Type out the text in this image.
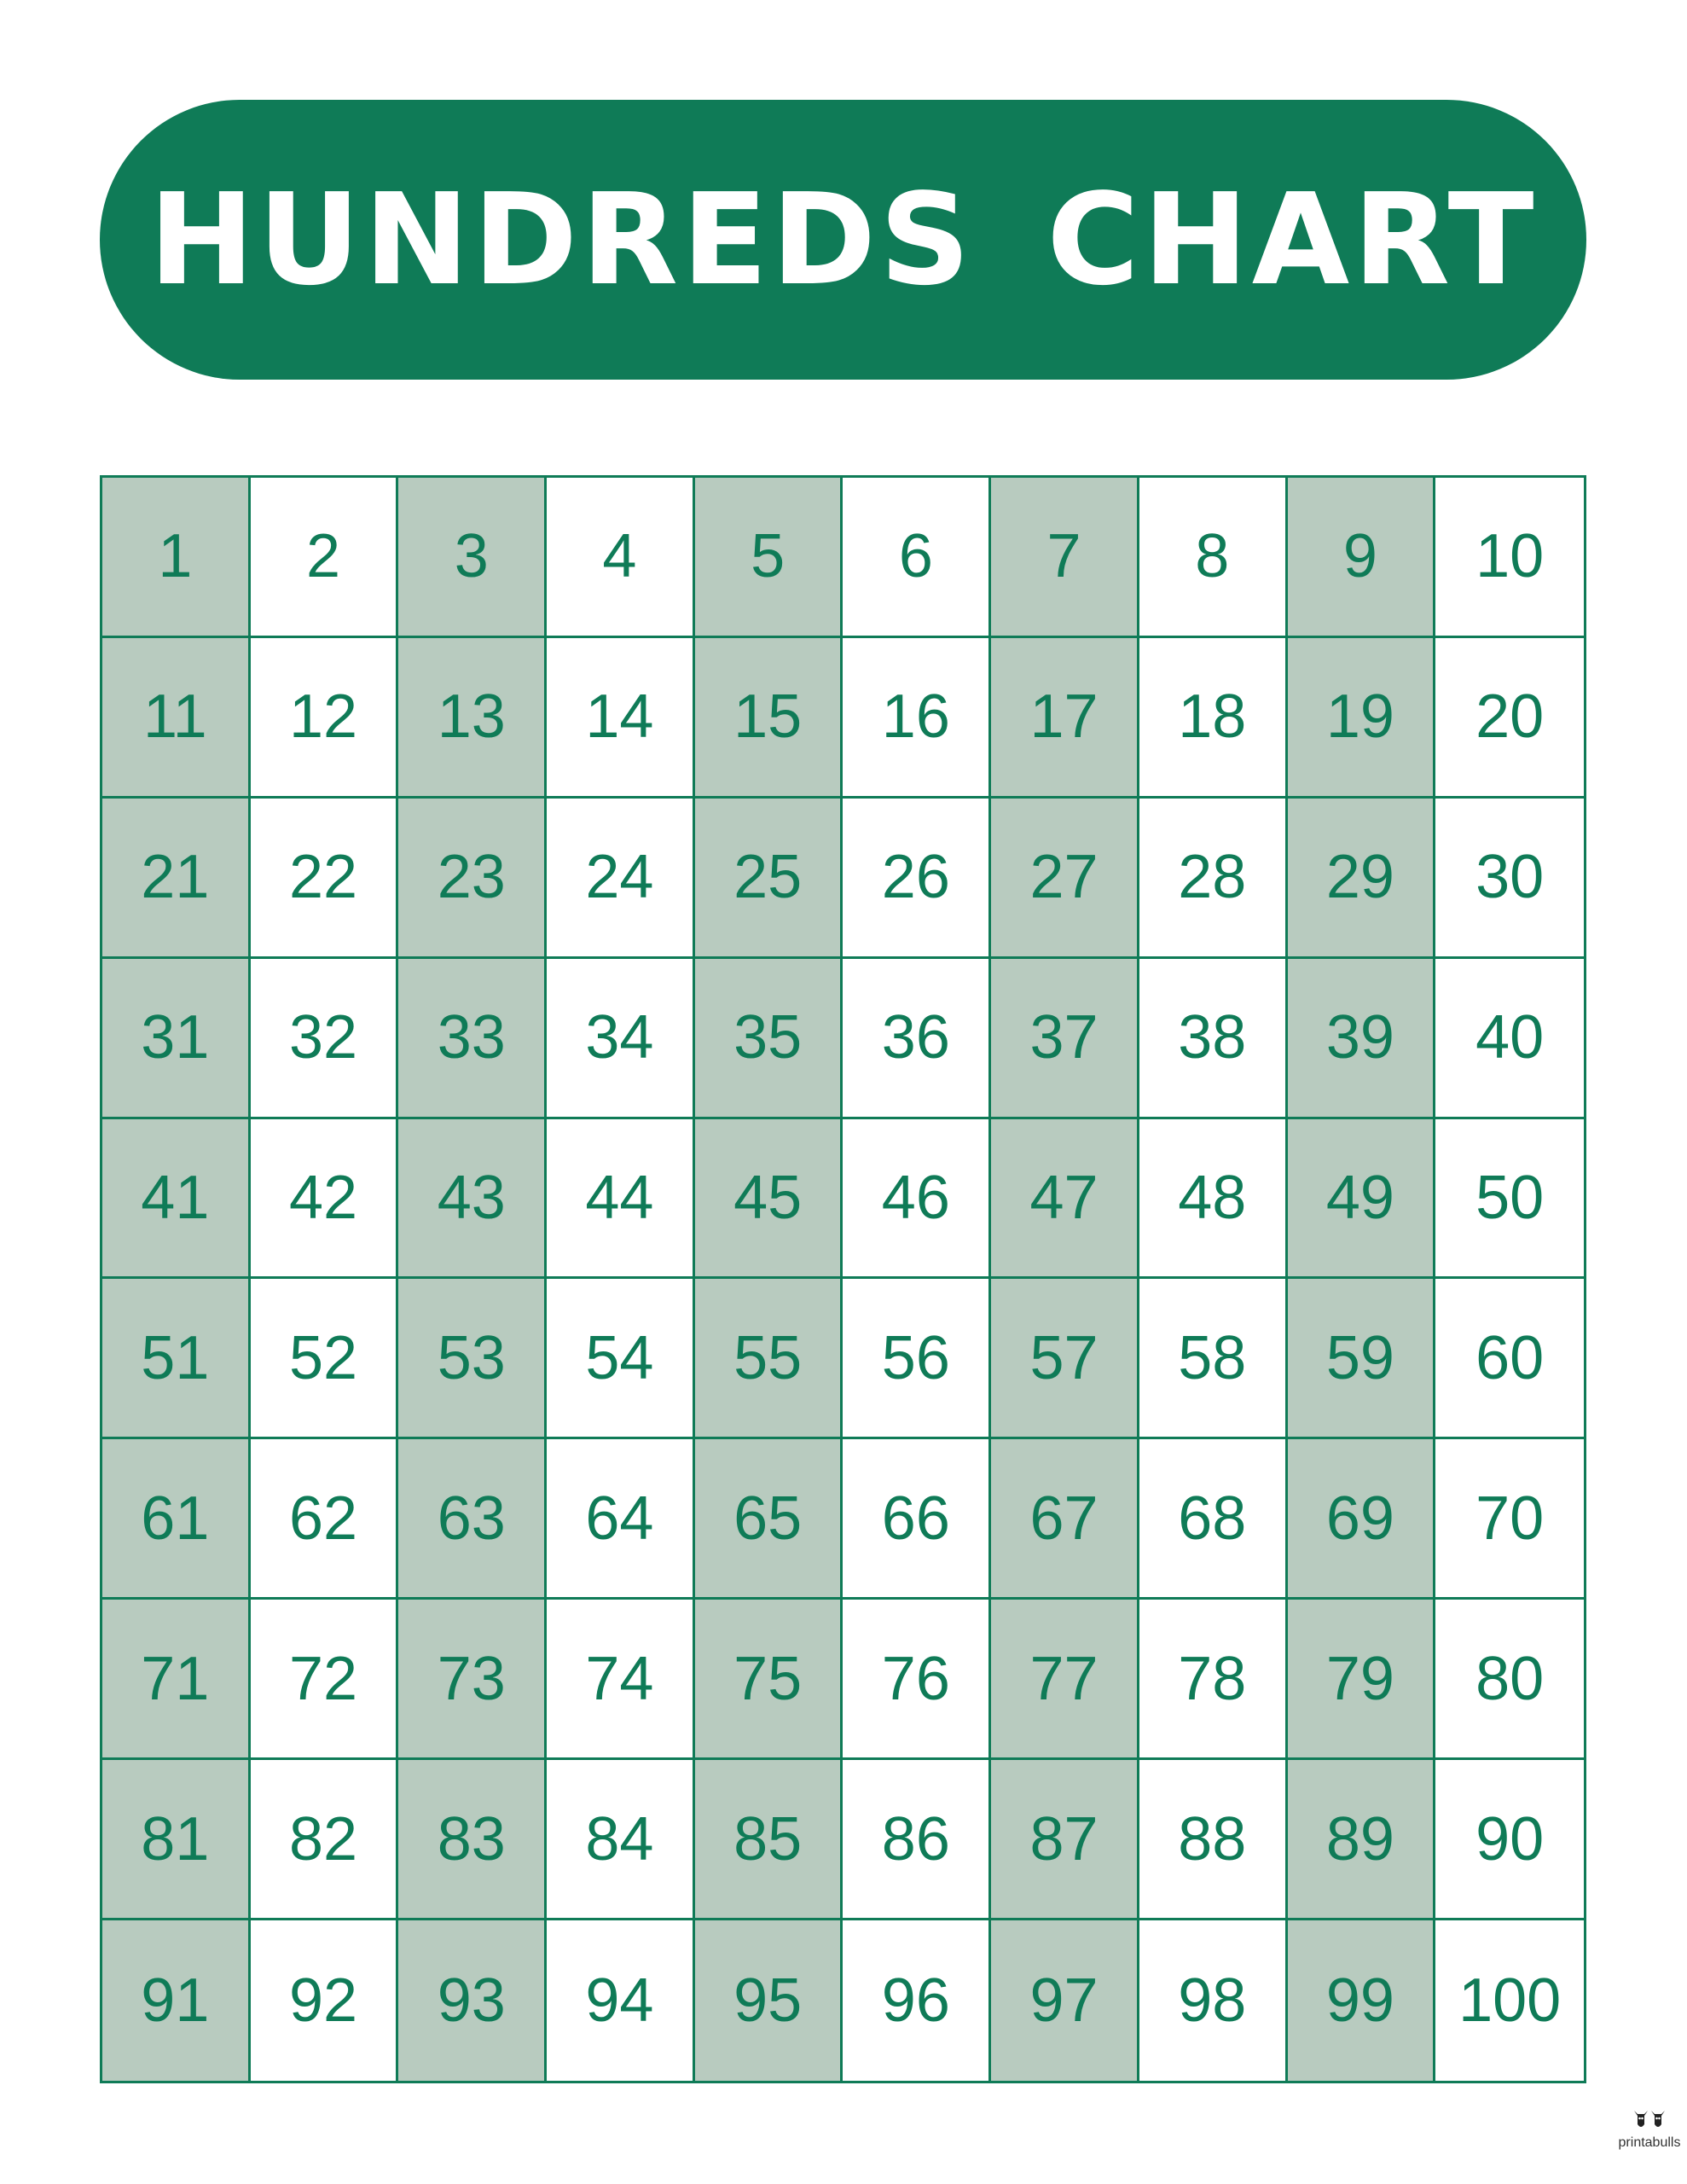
HUNDREDS CHART
1	2	3	4	5	6	7	8	9	10
11	12	13	14	15	16	17	18	19	20
21	22	23	24	25	26	27	28	29	30
31	32	33	34	35	36	37	38	39	40
41	42	43	44	45	46	47	48	49	50
51	52	53	54	55	56	57	58	59	60
61	62	63	64	65	66	67	68	69	70
71	72	73	74	75	76	77	78	79	80
81	82	83	84	85	86	87	88	89	90
91	92	93	94	95	96	97	98	99	100
printabulls
